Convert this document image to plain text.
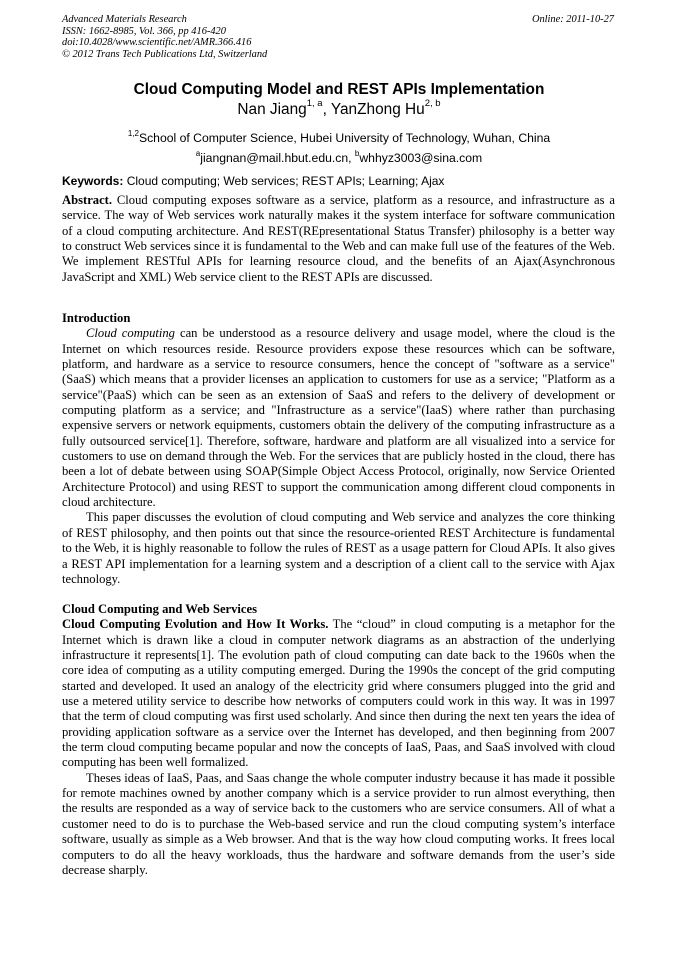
Advanced Materials Research
ISSN: 1662-8985, Vol. 366, pp 416-420
doi:10.4028/www.scientific.net/AMR.366.416
© 2012 Trans Tech Publications Ltd, Switzerland
Online: 2011-10-27
Cloud Computing Model and REST APIs Implementation
Nan Jiang$^{1, a}$, YanZhong Hu$^{2, b}$
$^{1,2}$School of Computer Science, Hubei University of Technology, Wuhan, China
$^a$jiangnan@mail.hbut.edu.cn, $^b$whhyz3003@sina.com
Keywords: Cloud computing; Web services; REST APIs; Learning; Ajax

Abstract. Cloud computing exposes software as a service, platform as a resource, and infrastructure as a service. The way of Web services work naturally makes it the system interface for software communication of a cloud computing architecture. And REST(REpresentational Status Transfer) philosophy is a better way to construct Web services since it is fundamental to the Web and can make full use of the features of the Web. We implement RESTful APIs for learning resource cloud, and the benefits of an Ajax(Asynchronous JavaScript and XML) Web service client to the REST APIs are discussed.

Introduction

Cloud computing can be understood as a resource delivery and usage model, where the cloud is the Internet on which resources reside. Resource providers expose these resources which can be software, platform, and hardware as a service to resource consumers, hence the concept of "software as a service" (SaaS) which means that a provider licenses an application to customers for use as a service; "Platform as a service"(PaaS) which can be seen as an extension of SaaS and refers to the delivery of development or computing platform as a service; and "Infrastructure as a service"(IaaS) where rather than purchasing expensive servers or network equipments, customers obtain the delivery of the computing infrastructure as a fully outsourced service[1]. Therefore, software, hardware and platform are all visualized into a service for customers to use on demand through the Web. For the services that are publicly hosted in the cloud, there has been a lot of debate between using SOAP(Simple Object Access Protocol, originally, now Service Oriented Architecture Protocol) and using REST to support the communication among different cloud components in cloud architecture.

This paper discusses the evolution of cloud computing and Web service and analyzes the core thinking of REST philosophy, and then points out that since the resource-oriented REST Architecture is fundamental to the Web, it is highly reasonable to follow the rules of REST as a usage pattern for Cloud APIs. It also gives a REST API implementation for a learning system and a description of a client call to the service with Ajax technology.

Cloud Computing and Web Services

Cloud Computing Evolution and How It Works. The “cloud” in cloud computing is a metaphor for the Internet which is drawn like a cloud in computer network diagrams as an abstraction of the underlying infrastructure it represents[1]. The evolution path of cloud computing can date back to the 1960s when the core idea of computing as a utility computing emerged. During the 1990s the concept of the grid computing started and developed. It used an analogy of the electricity grid where consumers plugged into the grid and use a metered utility service to describe how networks of computers could work in this way. It was in 1997 that the term of cloud computing was first used scholarly. And since then during the next ten years the idea of providing application software as a service over the Internet has developed, and then beginning from 2007 the term cloud computing became popular and now the concepts of IaaS, Paas, and SaaS involved with cloud computing has been well formalized.

Theses ideas of IaaS, Paas, and Saas change the whole computer industry because it has made it possible for remote machines owned by another company which is a service provider to run almost everything, then the results are responded as a way of service back to the customers who are service consumers. All of what a customer need to do is to purchase the Web-based service and run the cloud computing system’s interface software, usually as simple as a Web browser. And that is the way how cloud computing works. It frees local computers to do all the heavy workloads, thus the hardware and software demands from the user’s side decrease sharply.
